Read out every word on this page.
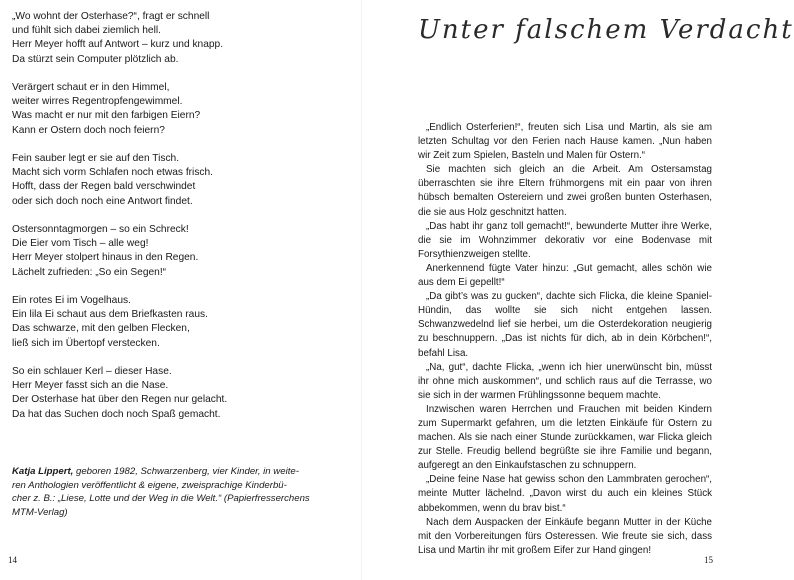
„Wo wohnt der Osterhase?“, fragt er schnell
und fühlt sich dabei ziemlich hell.
Herr Meyer hofft auf Antwort – kurz und knapp.
Da stürzt sein Computer plötzlich ab.
Verärgert schaut er in den Himmel,
weiter wirres Regentropfengewimmel.
Was macht er nur mit den farbigen Eiern?
Kann er Ostern doch noch feiern?
Fein sauber legt er sie auf den Tisch.
Macht sich vorm Schlafen noch etwas frisch.
Hofft, dass der Regen bald verschwindet
oder sich doch noch eine Antwort findet.
Ostersonntagmorgen – so ein Schreck!
Die Eier vom Tisch – alle weg!
Herr Meyer stolpert hinaus in den Regen.
Lächelt zufrieden: „So ein Segen!“
Ein rotes Ei im Vogelhaus.
Ein lila Ei schaut aus dem Briefkasten raus.
Das schwarze, mit den gelben Flecken,
ließ sich im Übertopf verstecken.
So ein schlauer Kerl – dieser Hase.
Herr Meyer fasst sich an die Nase.
Der Osterhase hat über den Regen nur gelacht.
Da hat das Suchen doch noch Spaß gemacht.
Katja Lippert, geboren 1982, Schwarzenberg, vier Kinder, in weite-
ren Anthologien veröffentlicht & eigene, zweisprachige Kinderbü-
cher z. B.: „Liese, Lotte und der Weg in die Welt.“ (Papierfresserchens
MTM-Verlag)
14
Unter falschem Verdacht

„Endlich Osterferien!“, freuten sich Lisa und Martin, als sie am letzten Schultag vor den Ferien nach Hause kamen. „Nun haben wir Zeit zum Spielen, Basteln und Malen für Ostern.“

Sie machten sich gleich an die Arbeit. Am Ostersamstag überraschten sie ihre Eltern frühmorgens mit ein paar von ihren hübsch bemalten Ostereiern und zwei großen bunten Osterhasen, die sie aus Holz geschnitzt hatten.

„Das habt ihr ganz toll gemacht!“, bewunderte Mutter ihre Werke, die sie im Wohnzimmer dekorativ vor eine Bodenvase mit Forsythienzweigen stellte.

Anerkennend fügte Vater hinzu: „Gut gemacht, alles schön wie aus dem Ei gepellt!“

„Da gibt’s was zu gucken“, dachte sich Flicka, die kleine Spaniel-Hündin, das wollte sie sich nicht entgehen lassen. Schwanzwedelnd lief sie herbei, um die Osterdekoration neugierig zu beschnuppern. „Das ist nichts für dich, ab in dein Körbchen!“, befahl Lisa.

„Na, gut“, dachte Flicka, „wenn ich hier unerwünscht bin, müsst ihr ohne mich auskommen“, und schlich raus auf die Terrasse, wo sie sich in der warmen Frühlingssonne bequem machte.

Inzwischen waren Herrchen und Frauchen mit beiden Kindern zum Supermarkt gefahren, um die letzten Einkäufe für Ostern zu machen. Als sie nach einer Stunde zurückkamen, war Flicka gleich zur Stelle. Freudig bellend begrüßte sie ihre Familie und begann, aufgeregt an den Einkaufstaschen zu schnuppern.

„Deine feine Nase hat gewiss schon den Lammbraten gerochen“, meinte Mutter lächelnd. „Davon wirst du auch ein kleines Stück abbekommen, wenn du brav bist.“

Nach dem Auspacken der Einkäufe begann Mutter in der Küche mit den Vorbereitungen fürs Osteressen. Wie freute sie sich, dass Lisa und Martin ihr mit großem Eifer zur Hand gingen!

15
